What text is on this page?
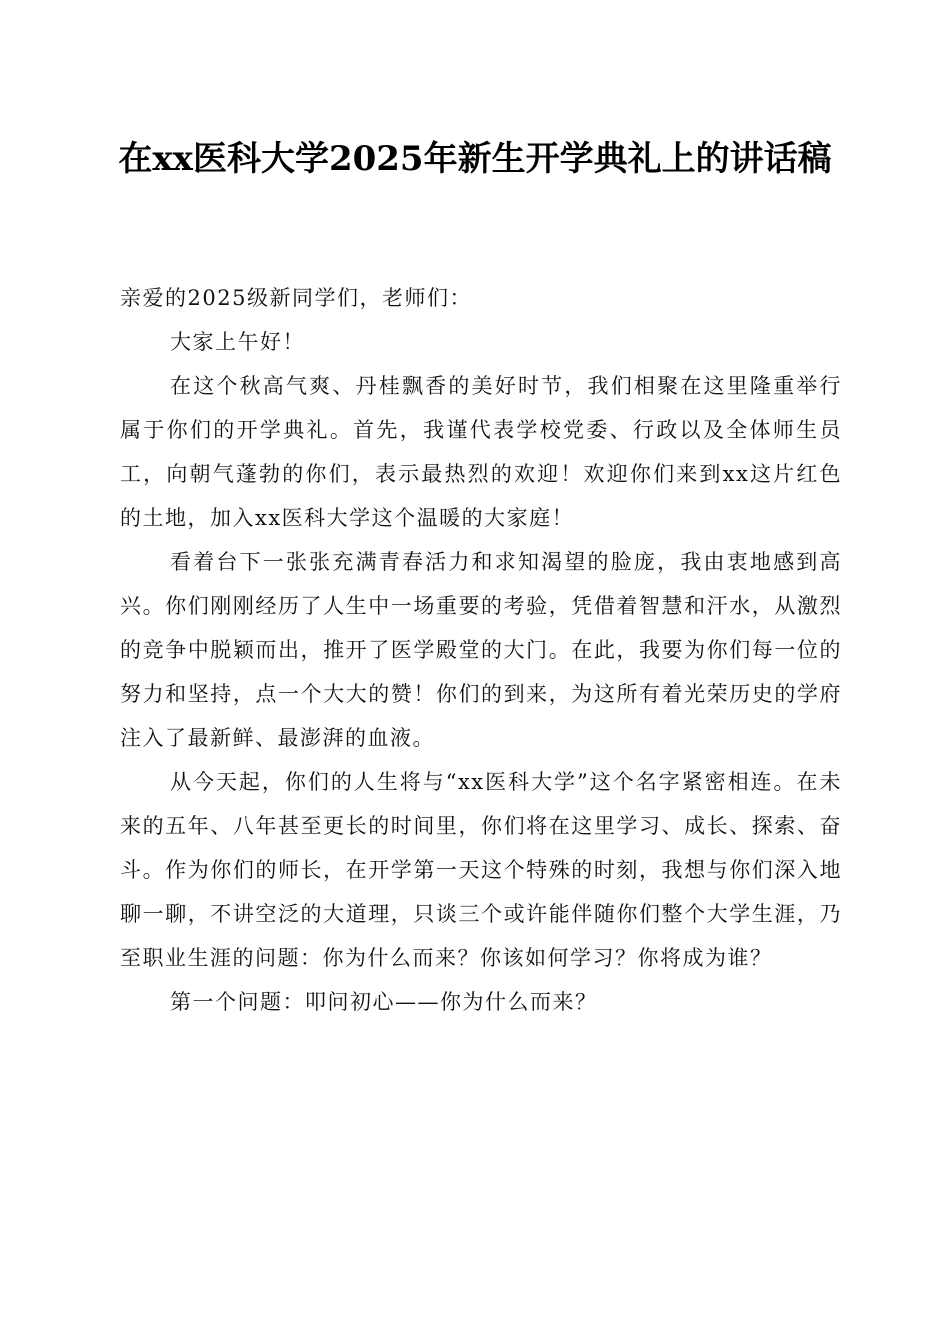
在xx医科大学2025年新生开学典礼上的讲话稿

亲爱的2025级新同学们，老师们：

大家上午好！

在这个秋高气爽、丹桂飘香的美好时节，我们相聚在这里隆重举行属于你们的开学典礼。首先，我谨代表学校党委、行政以及全体师生员工，向朝气蓬勃的你们，表示最热烈的欢迎！欢迎你们来到xx这片红色的土地，加入xx医科大学这个温暖的大家庭！

看着台下一张张充满青春活力和求知渴望的脸庞，我由衷地感到高兴。你们刚刚经历了人生中一场重要的考验，凭借着智慧和汗水，从激烈的竞争中脱颖而出，推开了医学殿堂的大门。在此，我要为你们每一位的努力和坚持，点一个大大的赞！你们的到来，为这所有着光荣历史的学府注入了最新鲜、最澎湃的血液。

从今天起，你们的人生将与“xx医科大学”这个名字紧密相连。在未来的五年、八年甚至更长的时间里，你们将在这里学习、成长、探索、奋斗。作为你们的师长，在开学第一天这个特殊的时刻，我想与你们深入地聊一聊，不讲空泛的大道理，只谈三个或许能伴随你们整个大学生涯，乃至职业生涯的问题：你为什么而来？你该如何学习？你将成为谁？

第一个问题：叩问初心——你为什么而来？
